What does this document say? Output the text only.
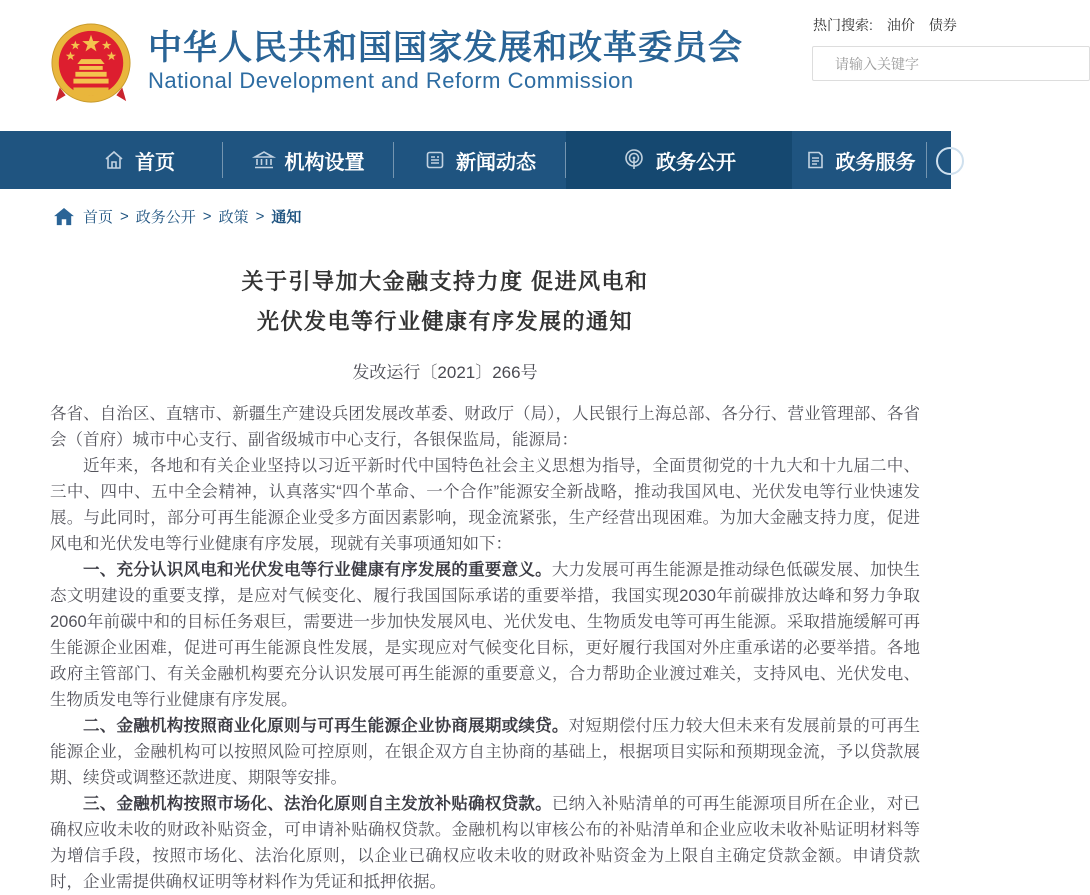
中华人民共和国国家发展和改革委员会
National Development and Reform Commission
热门搜索: 油价 债券
请输入关键字
首页	机构设置	新闻动态	政务公开	政务服务
首页 > 政务公开 > 政策 > 通知
关于引导加大金融支持力度 促进风电和
光伏发电等行业健康有序发展的通知
发改运行〔2021〕266号

各省、自治区、直辖市、新疆生产建设兵团发展改革委、财政厅（局），人民银行上海总部、各分行、营业管理部、各省会（首府）城市中心支行、副省级城市中心支行，各银保监局，能源局：

近年来，各地和有关企业坚持以习近平新时代中国特色社会主义思想为指导，全面贯彻党的十九大和十九届二中、三中、四中、五中全会精神，认真落实“四个革命、一个合作”能源安全新战略，推动我国风电、光伏发电等行业快速发展。与此同时，部分可再生能源企业受多方面因素影响，现金流紧张，生产经营出现困难。为加大金融支持力度，促进风电和光伏发电等行业健康有序发展，现就有关事项通知如下：

一、充分认识风电和光伏发电等行业健康有序发展的重要意义。大力发展可再生能源是推动绿色低碳发展、加快生态文明建设的重要支撑，是应对气候变化、履行我国国际承诺的重要举措，我国实现2030年前碳排放达峰和努力争取2060年前碳中和的目标任务艰巨，需要进一步加快发展风电、光伏发电、生物质发电等可再生能源。采取措施缓解可再生能源企业困难，促进可再生能源良性发展，是实现应对气候变化目标，更好履行我国对外庄重承诺的必要举措。各地政府主管部门、有关金融机构要充分认识发展可再生能源的重要意义，合力帮助企业渡过难关，支持风电、光伏发电、生物质发电等行业健康有序发展。

二、金融机构按照商业化原则与可再生能源企业协商展期或续贷。对短期偿付压力较大但未来有发展前景的可再生能源企业，金融机构可以按照风险可控原则，在银企双方自主协商的基础上，根据项目实际和预期现金流，予以贷款展期、续贷或调整还款进度、期限等安排。

三、金融机构按照市场化、法治化原则自主发放补贴确权贷款。已纳入补贴清单的可再生能源项目所在企业，对已确权应收未收的财政补贴资金，可申请补贴确权贷款。金融机构以审核公布的补贴清单和企业应收未收补贴证明材料等为增信手段，按照市场化、法治化原则，以企业已确权应收未收的财政补贴资金为上限自主确定贷款金额。申请贷款时，企业需提供确权证明等材料作为凭证和抵押依据。
